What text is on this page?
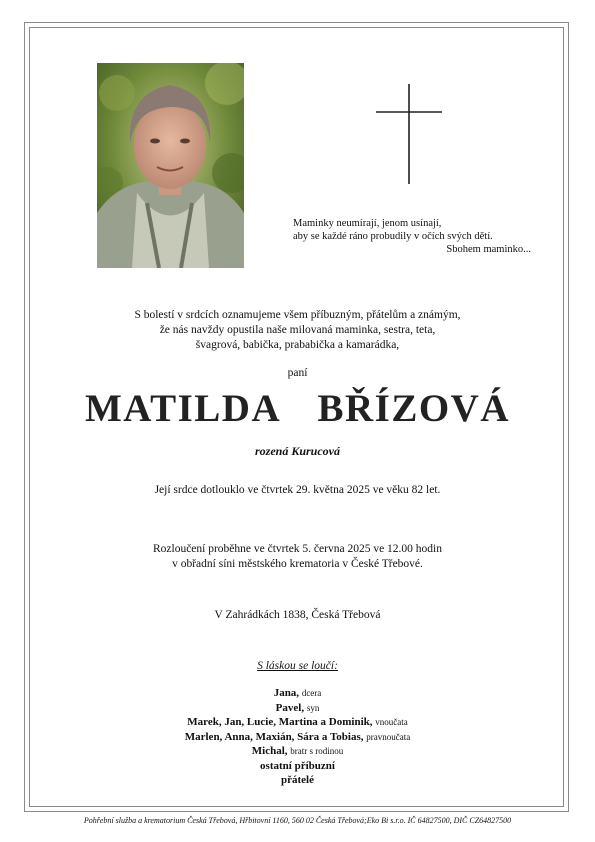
Maminky neumírají, jenom usínají,
aby se každé ráno probudily v očích svých dětí.
Sbohem maminko...
S bolestí v srdcích oznamujeme všem příbuzným, přátelům a známým,
že nás navždy opustila naše milovaná maminka, sestra, teta,
švagrová, babička, prababička a kamarádka,
paní
MATILDA  BŘÍZOVÁ
rozená Kurucová
Její srdce dotlouklo ve čtvrtek 29. května 2025 ve věku 82 let.
Rozloučení proběhne ve čtvrtek 5. června 2025 ve 12.00 hodin
v obřadní síni městského krematoria v České Třebové.
V Zahrádkách 1838, Česká Třebová
S láskou se loučí:
Jana, dcera
Pavel, syn
Marek, Jan, Lucie, Martina a Dominik, vnoučata
Marlen, Anna, Maxián, Sára a Tobias, pravnoučata
Michal, bratr s rodinou
ostatní příbuzní
přátelé
Pohřební služba a krematorium Česká Třebová, Hřbitovní 1160, 560 02 Česká Třebová;Eko Bi s.r.o. IČ 64827500, DIČ CZ64827500
